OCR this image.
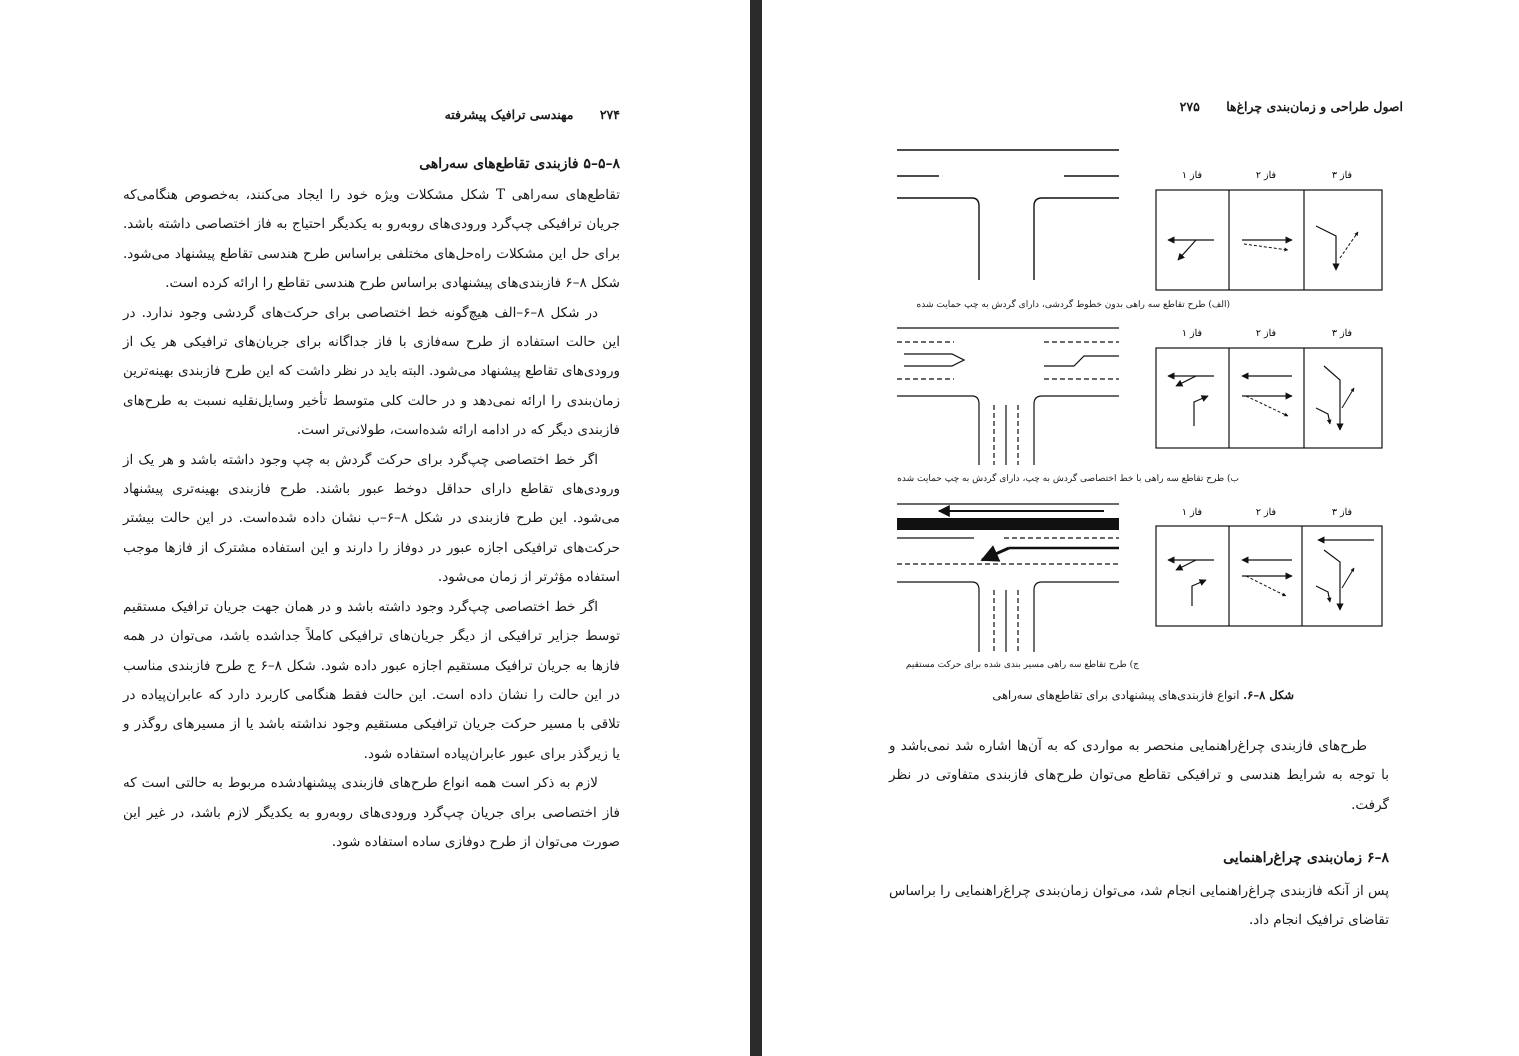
۲۷۴ مهندسی ترافیک پیشرفته
۸–۵–۵ فازبندی تقاطع‌های سه‌راهی

تقاطع‌های سه‌راهی T شکل مشکلات ویژه خود را ایجاد می‌کنند، به‌خصوص هنگامی‌که جریان ترافیکی چپ‌گرد ورودی‌های روبه‌رو به یکدیگر احتیاج به فاز اختصاصی داشته باشد. برای حل این مشکلات راه‌حل‌های مختلفی براساس طرح هندسی تقاطع پیشنهاد می‌شود. شکل ۸–۶ فازبندی‌های پیشنهادی براساس طرح هندسی تقاطع را ارائه کرده است.

در شکل ۸–۶–الف هیچ‌گونه خط اختصاصی برای حرکت‌های گردشی وجود ندارد. در این حالت استفاده از طرح سه‌فازی با فاز جداگانه برای جریان‌های ترافیکی هر یک از ورودی‌های تقاطع پیشنهاد می‌شود. البته باید در نظر داشت که این طرح فازبندی بهینه‌ترین زمان‌بندی را ارائه نمی‌دهد و در حالت کلی متوسط تأخیر وسایل‌نقلیه نسبت به طرح‌های فازبندی دیگر که در ادامه ارائه شده‌است، طولانی‌تر است.

اگر خط اختصاصی چپ‌گرد برای حرکت گردش به چپ وجود داشته باشد و هر یک از ورودی‌های تقاطع دارای حداقل دوخط عبور باشند. طرح فازبندی بهینه‌تری پیشنهاد می‌شود. این طرح فازبندی در شکل ۸–۶–ب نشان داده شده‌است. در این حالت بیشتر حرکت‌های ترافیکی اجازه عبور در دوفاز را دارند و این استفاده مشترک از فازها موجب استفاده مؤثرتر از زمان می‌شود.

اگر خط اختصاصی چپ‌گرد وجود داشته باشد و در همان جهت جریان ترافیک مستقیم توسط جزایر ترافیکی از دیگر جریان‌های ترافیکی کاملاً جداشده باشد، می‌توان در همه فازها به جریان ترافیک مستقیم اجازه عبور داده شود. شکل ۸–۶ ج طرح فازبندی مناسب در این حالت را نشان داده است. این حالت فقط هنگامی کاربرد دارد که عابران‌پیاده در تلاقی با مسیر حرکت جریان ترافیکی مستقیم وجود نداشته باشد یا از مسیرهای روگذر و یا زیرگذر برای عبور عابران‌پیاده استفاده شود.

لازم به ذکر است همه انواع طرح‌های فازبندی پیشنهادشده مربوط به حالتی است که فاز اختصاصی برای جریان چپ‌گرد ورودی‌های روبه‌رو به یکدیگر لازم باشد، در غیر این صورت می‌توان از طرح دوفازی ساده استفاده شود.

اصول طراحی و زمان‌بندی چراغ‌ها ۲۷۵
فاز ۱	فاز ۲	فاز ۳
فاز ۱	فاز ۲	فاز ۳
فاز ۱	فاز ۲	فاز ۳
(الف) طرح تقاطع سه راهی بدون خطوط گردشی، دارای گردش به چپ حمایت شده
ب) طرح تقاطع سه راهی با خط اختصاصی گردش به چپ، دارای گردش به چپ حمایت شده
ج) طرح تقاطع سه راهی مسیر بندی شده برای حرکت مستقیم
شکل ۸–۶. انواع فازبندی‌های پیشنهادی برای تقاطع‌های سه‌راهی

طرح‌های فازبندی چراغ‌راهنمایی منحصر به مواردی که به آن‌ها اشاره شد نمی‌باشد و با توجه به شرایط هندسی و ترافیکی تقاطع می‌توان طرح‌های فازبندی متفاوتی در نظر گرفت.

۸–۶ زمان‌بندی چراغ‌راهنمایی

پس از آنکه فازبندی چراغ‌راهنمایی انجام شد، می‌توان زمان‌بندی چراغ‌راهنمایی را براساس تقاضای ترافیک انجام داد.
